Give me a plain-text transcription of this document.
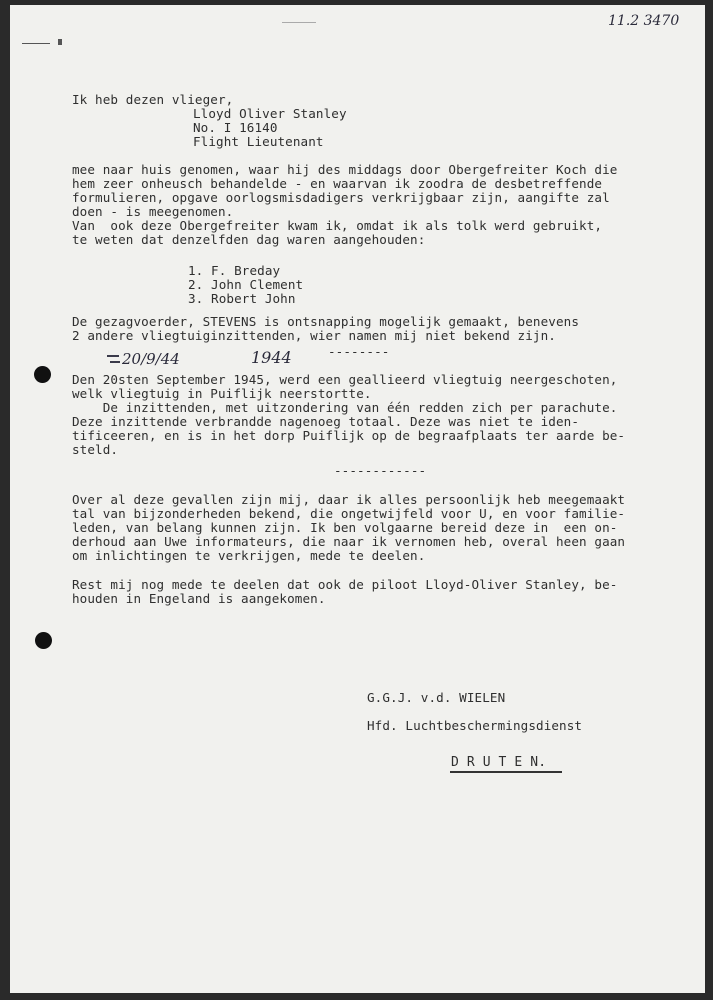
11.2 3470
Ik heb dezen vlieger,
Lloyd Oliver Stanley
No. I 16140
Flight Lieutenant
mee naar huis genomen, waar hij des middags door Obergefreiter Koch die
hem zeer onheusch behandelde - en waarvan ik zoodra de desbetreffende
formulieren, opgave oorlogsmisdadigers verkrijgbaar zijn, aangifte zal
doen - is meegenomen.
Van  ook deze Obergefreiter kwam ik, omdat ik als tolk werd gebruikt,
te weten dat denzelfden dag waren aangehouden:
1. F. Breday
2. John Clement
3. Robert John
De gezagvoerder, STEVENS is ontsnapping mogelijk gemaakt, benevens
2 andere vliegtuiginzittenden, wier namen mij niet bekend zijn.
--------
20/9/44	1944
Den 20sten September 1945, werd een geallieerd vliegtuig neergeschoten,
welk vliegtuig in Puiflijk neerstortte.
De inzittenden, met uitzondering van één redden zich per parachute.
Deze inzittende verbrandde nagenoeg totaal. Deze was niet te iden-
tificeeren, en is in het dorp Puiflijk op de begraafplaats ter aarde be-
steld.
------------
Over al deze gevallen zijn mij, daar ik alles persoonlijk heb meegemaakt
tal van bijzonderheden bekend, die ongetwijfeld voor U, en voor familie-
leden, van belang kunnen zijn. Ik ben volgaarne bereid deze in  een on-
derhoud aan Uwe informateurs, die naar ik vernomen heb, overal heen gaan
om inlichtingen te verkrijgen, mede te deelen.
Rest mij nog mede te deelen dat ook de piloot Lloyd-Oliver Stanley, be-
houden in Engeland is aangekomen.
G.G.J. v.d. WIELEN
Hfd. Luchtbeschermingsdienst
D R U T E N.
